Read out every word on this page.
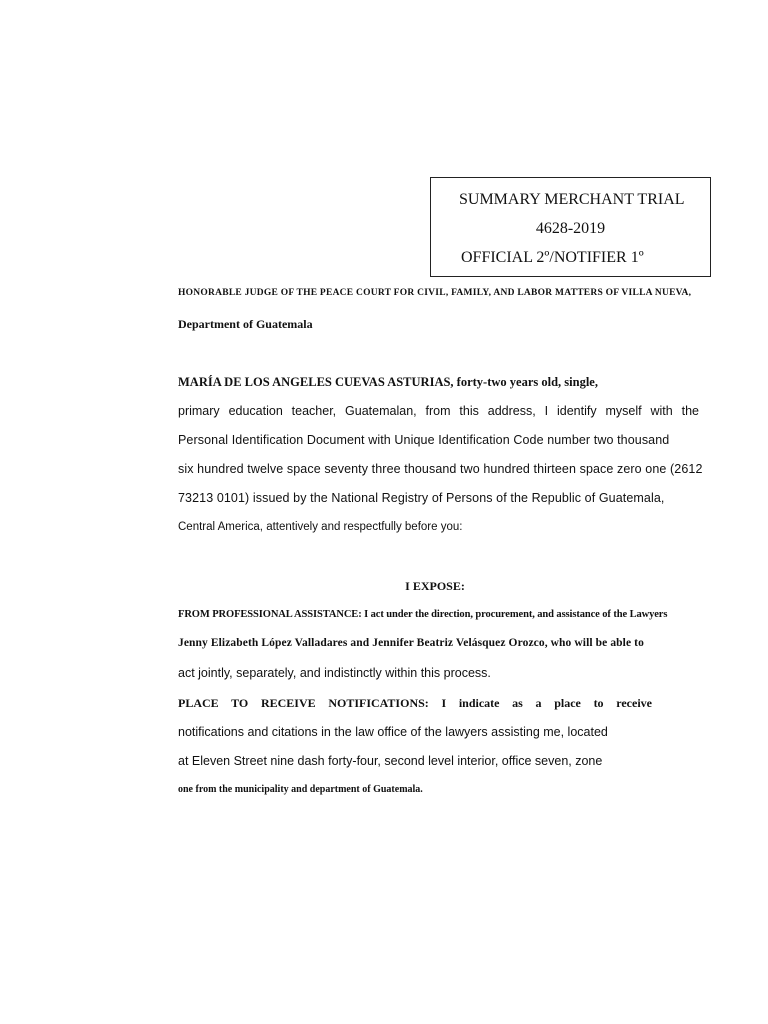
SUMMARY MERCHANT TRIAL
4628-2019
OFFICIAL 2º/NOTIFIER 1º
HONORABLE JUDGE OF THE PEACE COURT FOR CIVIL, FAMILY, AND LABOR MATTERS OF VILLA NUEVA,
Department of Guatemala
MARÍA DE LOS ANGELES CUEVAS ASTURIAS, forty-two years old, single,
primary education teacher, Guatemalan, from this address, I identify myself with the
Personal Identification Document with Unique Identification Code number two thousand
six hundred twelve space seventy three thousand two hundred thirteen space zero one (2612
73213 0101) issued by the National Registry of Persons of the Republic of Guatemala,
Central America, attentively and respectfully before you:
I EXPOSE:
FROM PROFESSIONAL ASSISTANCE: I act under the direction, procurement, and assistance of the Lawyers
Jenny Elizabeth López Valladares and Jennifer Beatriz Velásquez Orozco, who will be able to
act jointly, separately, and indistinctly within this process.
PLACE TO RECEIVE NOTIFICATIONS: I indicate as a place to receive
notifications and citations in the law office of the lawyers assisting me, located
at Eleven Street nine dash forty-four, second level interior, office seven, zone
one from the municipality and department of Guatemala.
